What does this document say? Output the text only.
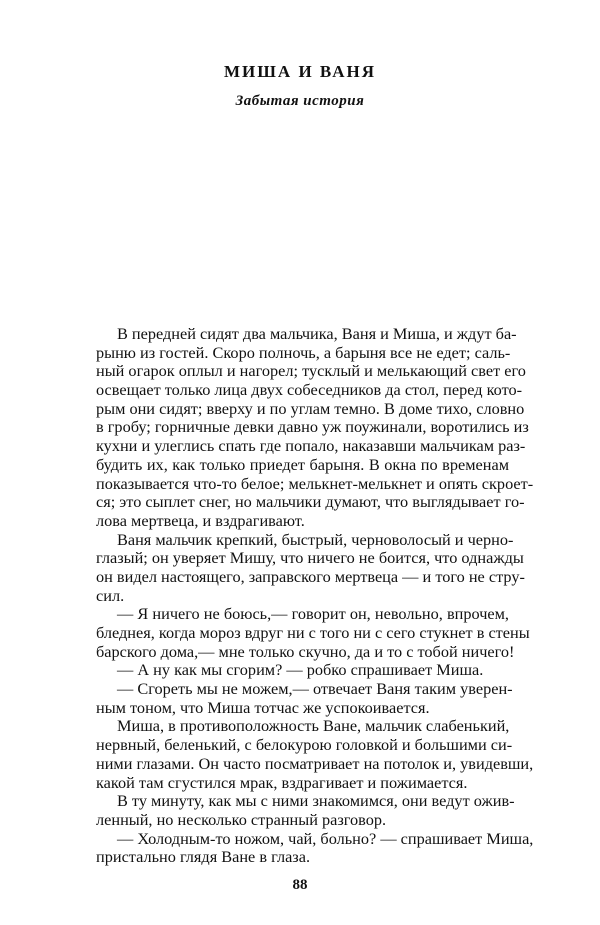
МИША И ВАНЯ
Забытая история
В передней сидят два мальчика, Ваня и Миша, и ждут ба-
рыню из гостей. Скоро полночь, а барыня все не едет; саль-
ный огарок оплыл и нагорел; тусклый и мелькающий свет его
освещает только лица двух собеседников да стол, перед кото-
рым они сидят; вверху и по углам темно. В доме тихо, словно
в гробу; горничные девки давно уж поужинали, воротились из
кухни и улеглись спать где попало, наказавши мальчикам раз-
будить их, как только приедет барыня. В окна по временам
показывается что-то белое; мелькнет-мелькнет и опять скроет-
ся; это сыплет снег, но мальчики думают, что выглядывает го-
лова мертвеца, и вздрагивают.
Ваня мальчик крепкий, быстрый, черноволосый и черно-
глазый; он уверяет Мишу, что ничего не боится, что однажды
он видел настоящего, заправского мертвеца — и того не стру-
сил.
— Я ничего не боюсь,— говорит он, невольно, впрочем,
бледнея, когда мороз вдруг ни с того ни с сего стукнет в стены
барского дома,— мне только скучно, да и то с тобой ничего!
— А ну как мы сгорим? — робко спрашивает Миша.
— Сгореть мы не можем,— отвечает Ваня таким уверен-
ным тоном, что Миша тотчас же успокоивается.
Миша, в противоположность Ване, мальчик слабенький,
нервный, беленький, с белокурою головкой и большими си-
ними глазами. Он часто посматривает на потолок и, увидевши,
какой там сгустился мрак, вздрагивает и пожимается.
В ту минуту, как мы с ними знакомимся, они ведут ожив-
ленный, но несколько странный разговор.
— Холодным-то ножом, чай, больно? — спрашивает Миша,
пристально глядя Ване в глаза.
88
